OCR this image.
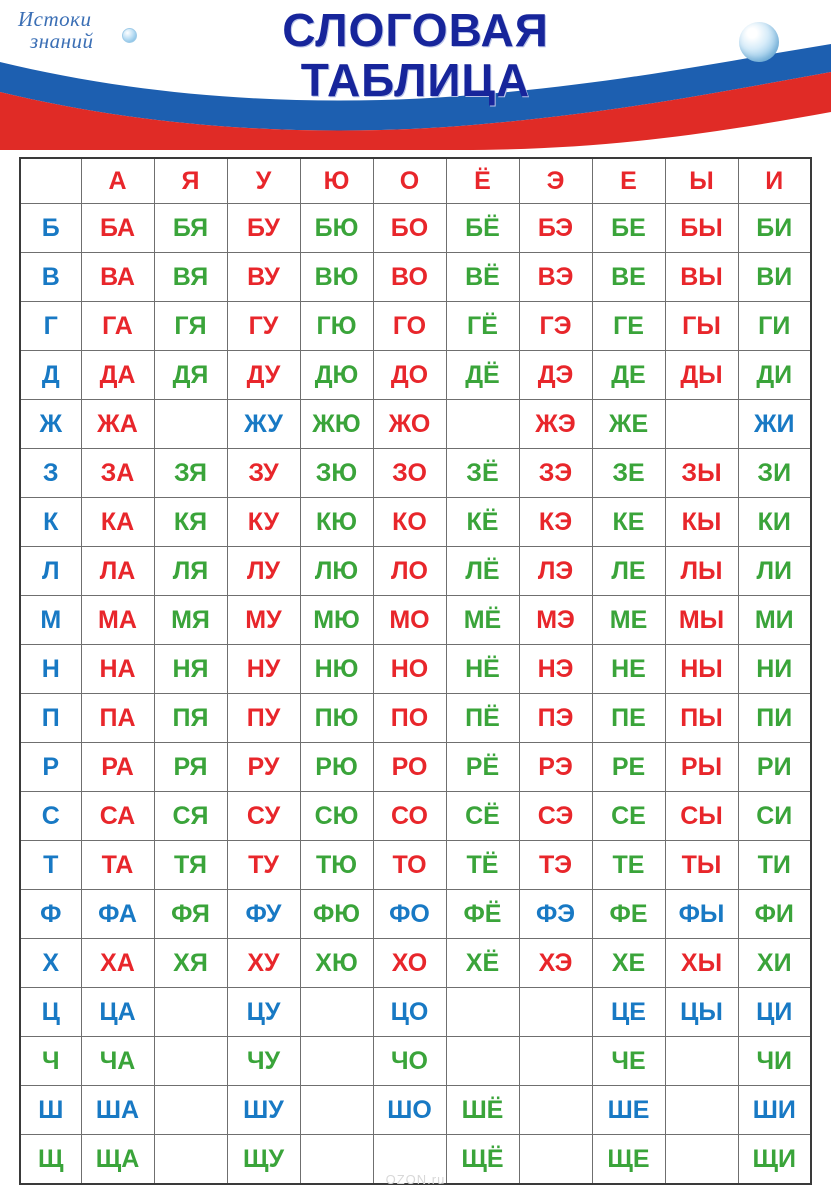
Истоки
знаний	СЛОГОВАЯ
ТАБЛИЦА
	А	Я	У	Ю	О	Ё	Э	Е	Ы	И
Б	БА	БЯ	БУ	БЮ	БО	БЁ	БЭ	БЕ	БЫ	БИ
В	ВА	ВЯ	ВУ	ВЮ	ВО	ВЁ	ВЭ	ВЕ	ВЫ	ВИ
Г	ГА	ГЯ	ГУ	ГЮ	ГО	ГЁ	ГЭ	ГЕ	ГЫ	ГИ
Д	ДА	ДЯ	ДУ	ДЮ	ДО	ДЁ	ДЭ	ДЕ	ДЫ	ДИ
Ж	ЖА		ЖУ	ЖЮ	ЖО		ЖЭ	ЖЕ		ЖИ
З	ЗА	ЗЯ	ЗУ	ЗЮ	ЗО	ЗЁ	ЗЭ	ЗЕ	ЗЫ	ЗИ
К	КА	КЯ	КУ	КЮ	КО	КЁ	КЭ	КЕ	КЫ	КИ
Л	ЛА	ЛЯ	ЛУ	ЛЮ	ЛО	ЛЁ	ЛЭ	ЛЕ	ЛЫ	ЛИ
М	МА	МЯ	МУ	МЮ	МО	МЁ	МЭ	МЕ	МЫ	МИ
Н	НА	НЯ	НУ	НЮ	НО	НЁ	НЭ	НЕ	НЫ	НИ
П	ПА	ПЯ	ПУ	ПЮ	ПО	ПЁ	ПЭ	ПЕ	ПЫ	ПИ
Р	РА	РЯ	РУ	РЮ	РО	РЁ	РЭ	РЕ	РЫ	РИ
С	СА	СЯ	СУ	СЮ	СО	СЁ	СЭ	СЕ	СЫ	СИ
Т	ТА	ТЯ	ТУ	ТЮ	ТО	ТЁ	ТЭ	ТЕ	ТЫ	ТИ
Ф	ФА	ФЯ	ФУ	ФЮ	ФО	ФЁ	ФЭ	ФЕ	ФЫ	ФИ
Х	ХА	ХЯ	ХУ	ХЮ	ХО	ХЁ	ХЭ	ХЕ	ХЫ	ХИ
Ц	ЦА		ЦУ		ЦО			ЦЕ	ЦЫ	ЦИ
Ч	ЧА		ЧУ		ЧО			ЧЕ		ЧИ
Ш	ША		ШУ		ШО	ШЁ		ШЕ		ШИ
Щ	ЩА		ЩУ			ЩЁ		ЩЕ		ЩИ
OZON.ru
